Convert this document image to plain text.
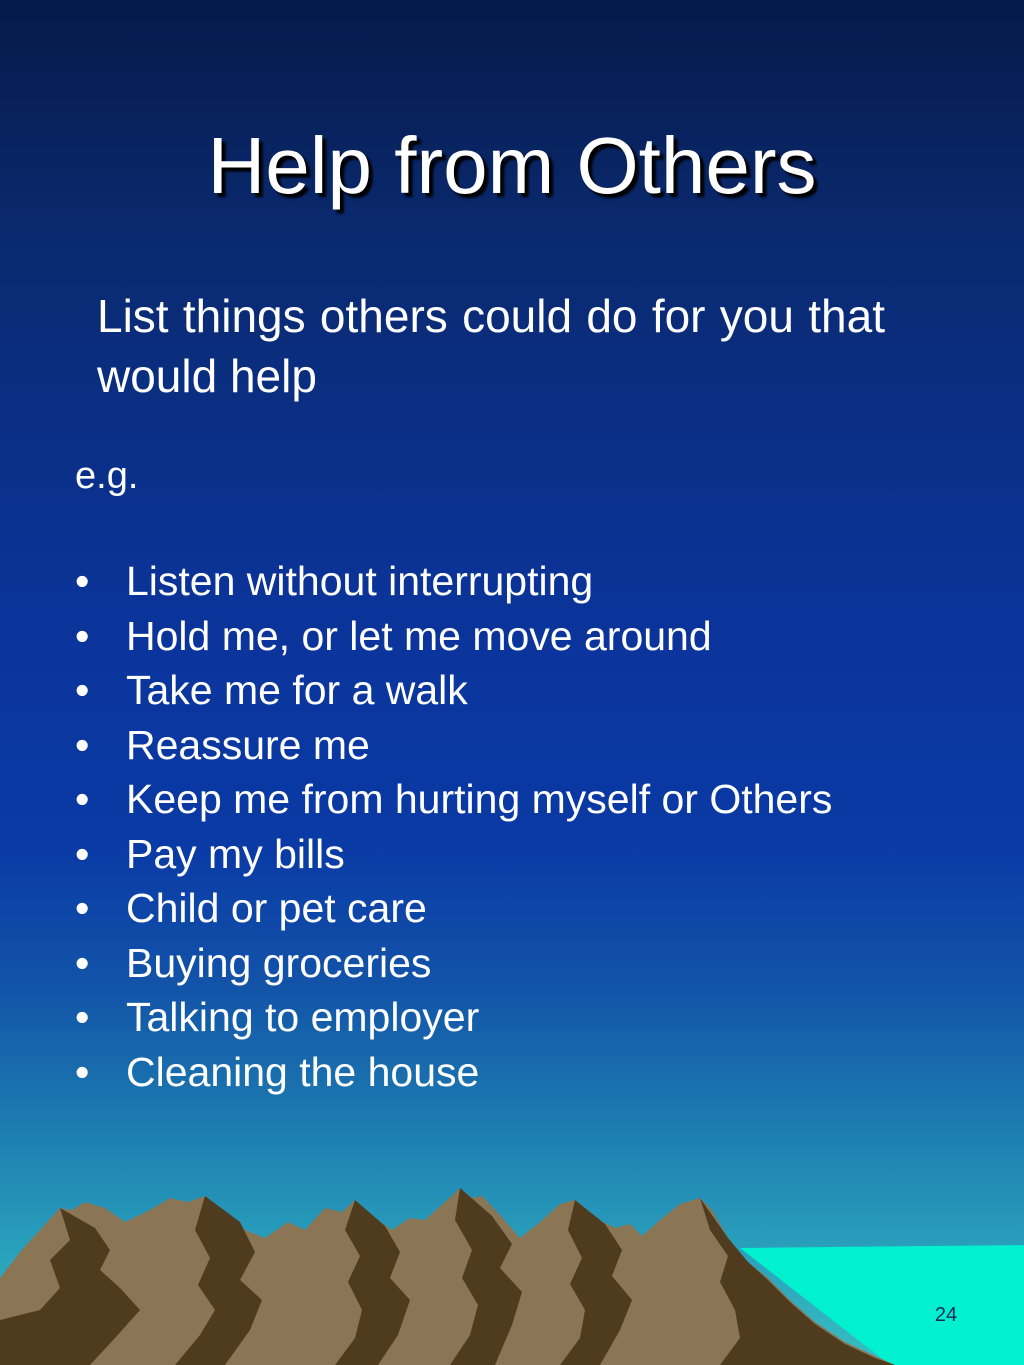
Help from Others
List things others could do for you that would help
e.g.
• Listen without interrupting
• Hold me, or let me move around
• Take me for a walk
• Reassure me
• Keep me from hurting myself or Others
• Pay my bills
• Child or pet care
• Buying groceries
• Talking to employer
• Cleaning the house
24
